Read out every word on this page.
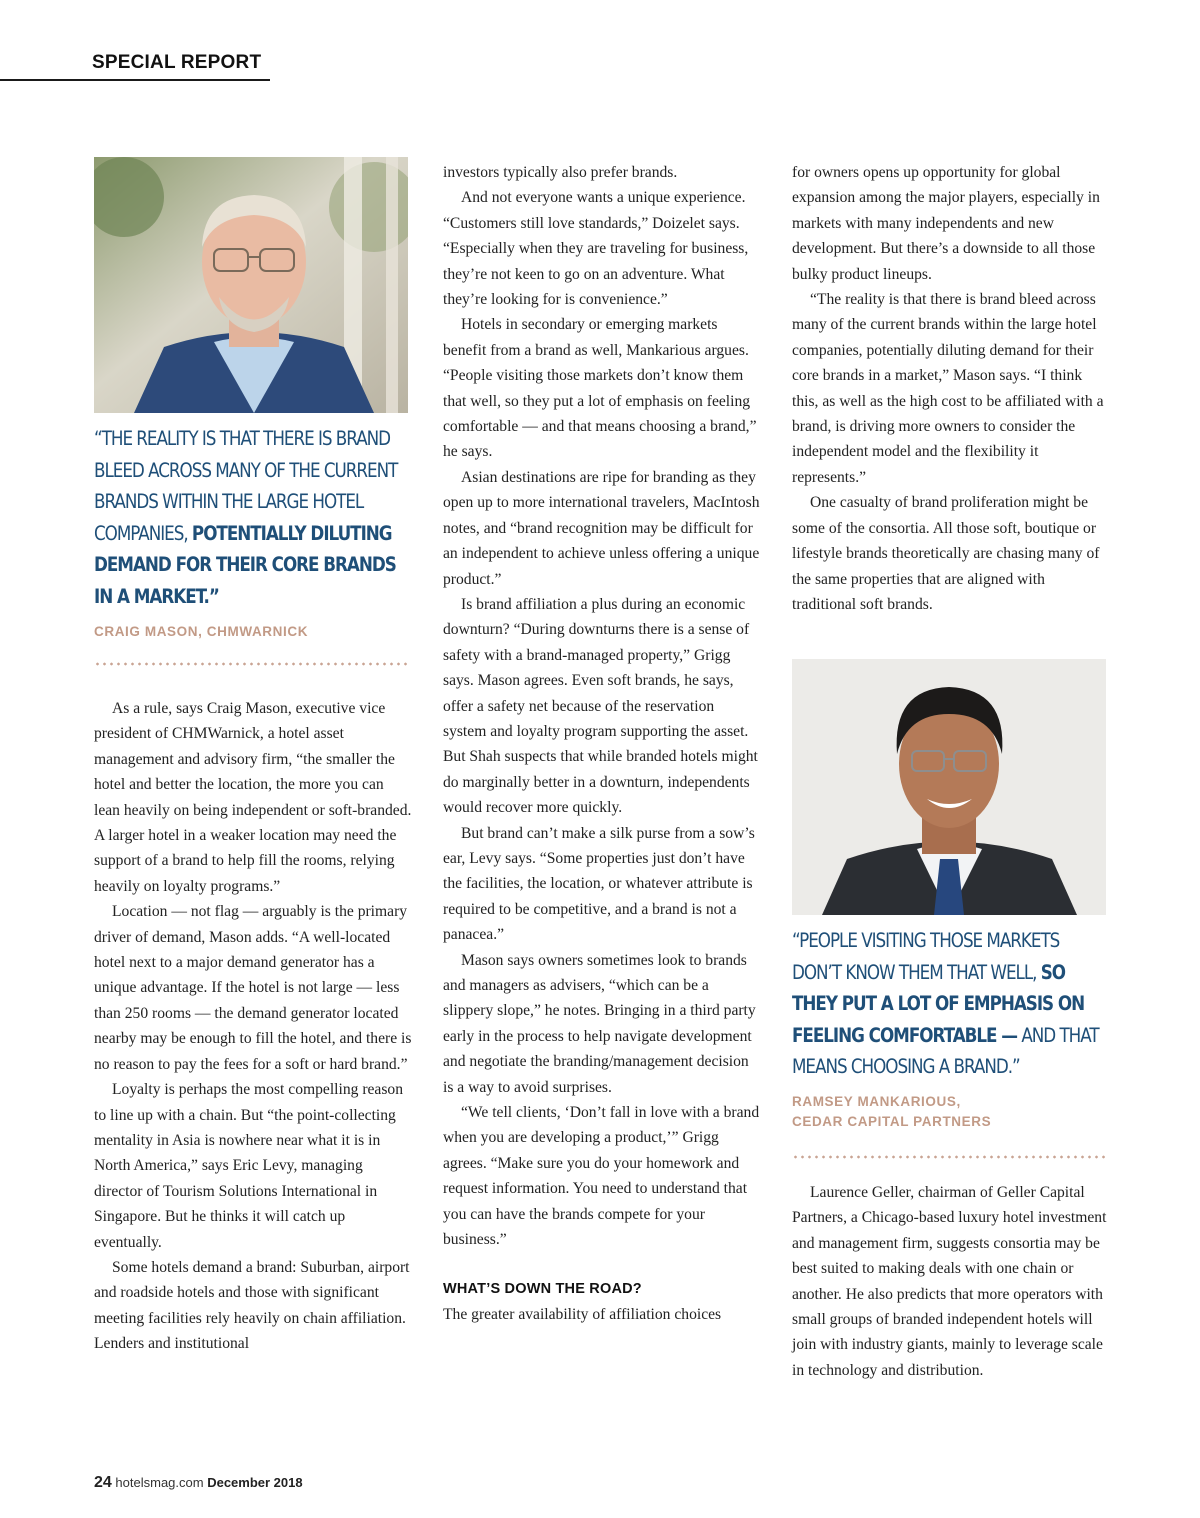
SPECIAL REPORT
“THE REALITY IS THAT THERE IS BRAND BLEED ACROSS MANY OF THE CURRENT BRANDS WITHIN THE LARGE HOTEL COMPANIES, POTENTIALLY DILUTING DEMAND FOR THEIR CORE BRANDS IN A MARKET.”
CRAIG MASON, CHMWARNICK

As a rule, says Craig Mason, executive vice president of CHMWarnick, a hotel asset management and advisory firm, “the smaller the hotel and better the location, the more you can lean heavily on being independent or soft-branded. A larger hotel in a weaker location may need the support of a brand to help fill the rooms, relying heavily on loyalty programs.”

Location — not flag — arguably is the primary driver of demand, Mason adds. “A well-located hotel next to a major demand generator has a unique advantage. If the hotel is not large — less than 250 rooms — the demand generator located nearby may be enough to fill the hotel, and there is no reason to pay the fees for a soft or hard brand.”

Loyalty is perhaps the most compelling reason to line up with a chain. But “the point-collecting mentality in Asia is nowhere near what it is in North America,” says Eric Levy, managing director of Tourism Solutions International in Singapore. But he thinks it will catch up eventually.

Some hotels demand a brand: Suburban, airport and roadside hotels and those with significant meeting facilities rely heavily on chain affiliation. Lenders and institutional

investors typically also prefer brands.

And not everyone wants a unique experience. “Customers still love standards,” Doizelet says. “Especially when they are traveling for business, they’re not keen to go on an adventure. What they’re looking for is convenience.”

Hotels in secondary or emerging markets benefit from a brand as well, Mankarious argues. “People visiting those markets don’t know them that well, so they put a lot of emphasis on feeling comfortable — and that means choosing a brand,” he says.

Asian destinations are ripe for branding as they open up to more international travelers, MacIntosh notes, and “brand recognition may be difficult for an independent to achieve unless offering a unique product.”

Is brand affiliation a plus during an economic downturn? “During downturns there is a sense of safety with a brand-managed property,” Grigg says. Mason agrees. Even soft brands, he says, offer a safety net because of the reservation system and loyalty program supporting the asset. But Shah suspects that while branded hotels might do marginally better in a downturn, independents would recover more quickly.

But brand can’t make a silk purse from a sow’s ear, Levy says. “Some properties just don’t have the facilities, the location, or whatever attribute is required to be competitive, and a brand is not a panacea.”

Mason says owners sometimes look to brands and managers as advisers, “which can be a slippery slope,” he notes. Bringing in a third party early in the process to help navigate development and negotiate the branding/management decision is a way to avoid surprises.

“We tell clients, ‘Don’t fall in love with a brand when you are developing a product,’” Grigg agrees. “Make sure you do your homework and request information. You need to understand that you can have the brands compete for your business.”

WHAT’S DOWN THE ROAD?

The greater availability of affiliation choices

for owners opens up opportunity for global expansion among the major players, especially in markets with many independents and new development. But there’s a downside to all those bulky product lineups.

“The reality is that there is brand bleed across many of the current brands within the large hotel companies, potentially diluting demand for their core brands in a market,” Mason says. “I think this, as well as the high cost to be affiliated with a brand, is driving more owners to consider the independent model and the flexibility it represents.”

One casualty of brand proliferation might be some of the consortia. All those soft, boutique or lifestyle brands theoretically are chasing many of the same properties that are aligned with traditional soft brands.

“PEOPLE VISITING THOSE MARKETS DON’T KNOW THEM THAT WELL, SO THEY PUT A LOT OF EMPHASIS ON FEELING COMFORTABLE — AND THAT MEANS CHOOSING A BRAND.”
RAMSEY MANKARIOUS,
CEDAR CAPITAL PARTNERS

Laurence Geller, chairman of Geller Capital Partners, a Chicago-based luxury hotel investment and management firm, suggests consortia may be best suited to making deals with one chain or another. He also predicts that more operators with small groups of branded independent hotels will join with industry giants, mainly to leverage scale in technology and distribution.

24 hotelsmag.com December 2018
